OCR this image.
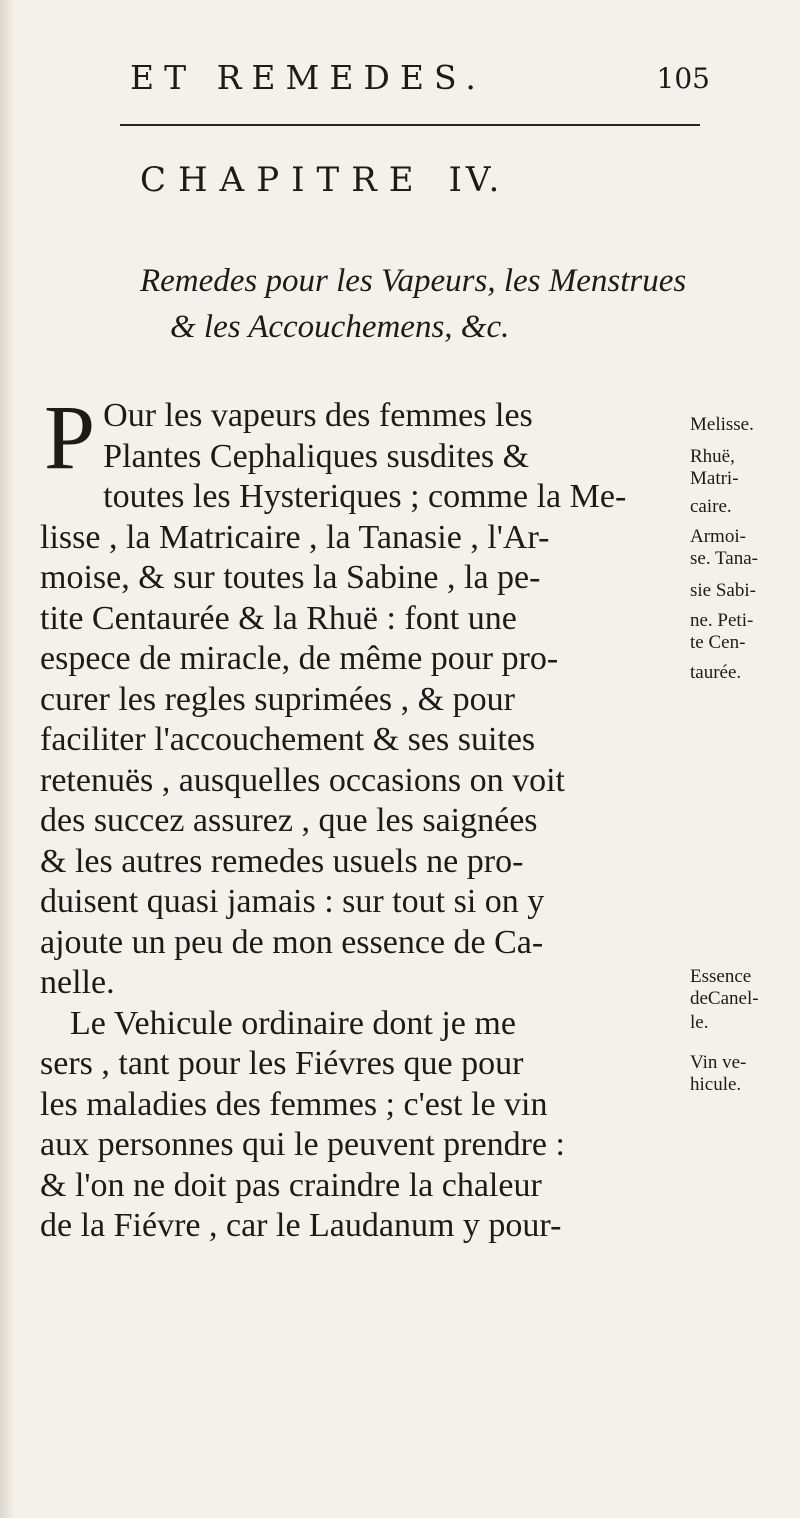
ET REMEDES.	105
CHAPITRE IV.
Remedes pour les Vapeurs, les Menstrues
& les Accouchemens, &c.
P Our les vapeurs des femmes les
Plantes Cephaliques susdites &
toutes les Hysteriques ; comme la Me-
lisse , la Matricaire , la Tanasie , l'Ar-
moise, & sur toutes la Sabine , la pe-
tite Centaurée & la Rhuë : font une
espece de miracle, de même pour pro-
curer les regles suprimées , & pour
faciliter l'accouchement & ses suites
retenuës , ausquelles occasions on voit
des succez assurez , que les saignées
& les autres remedes usuels ne pro-
duisent quasi jamais : sur tout si on y
ajoute un peu de mon essence de Ca-
nelle.
Le Vehicule ordinaire dont je me
sers , tant pour les Fiévres que pour
les maladies des femmes ; c'est le vin
aux personnes qui le peuvent prendre :
& l'on ne doit pas craindre la chaleur
de la Fiévre , car le Laudanum y pour-
Melisse.
Rhuë,
Matri-
caire.
Armoi-
se. Tana-
sie Sabi-
ne. Peti-
te Cen-
taurée.
Essence
deCanel-
le.
Vin ve-
hicule.
